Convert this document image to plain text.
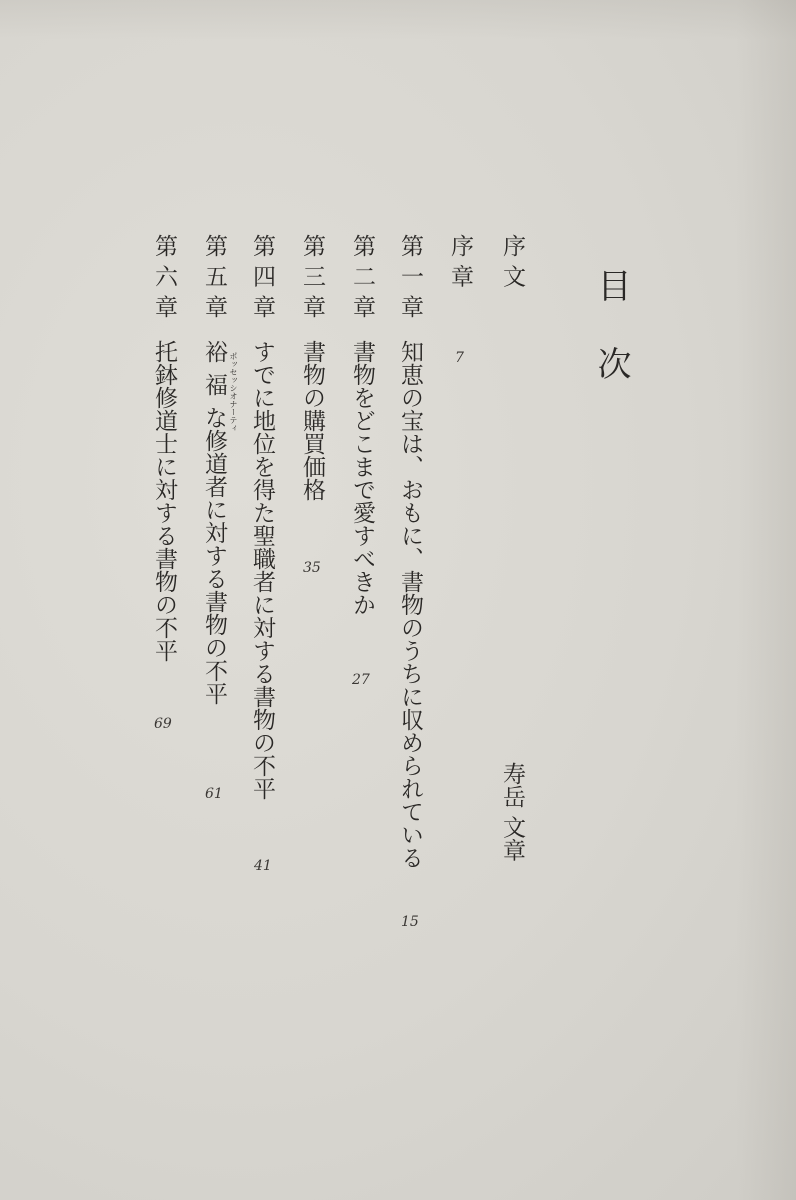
目次
序 文
寿岳 文章
序 章
7
第 一 章知恵の宝は、おもに、書物のうちに収められている
15
第 二 章書物をどこまで愛すべきか
27
第 三 章書物の購買価格
35
第 四 章すでに地位を得た聖職者に対する書物の不平
41
第 五 章裕福な修道者に対する書物の不平
ポッセッシオナーティ
61
第 六 章托鉢修道士に対する書物の不平
69
